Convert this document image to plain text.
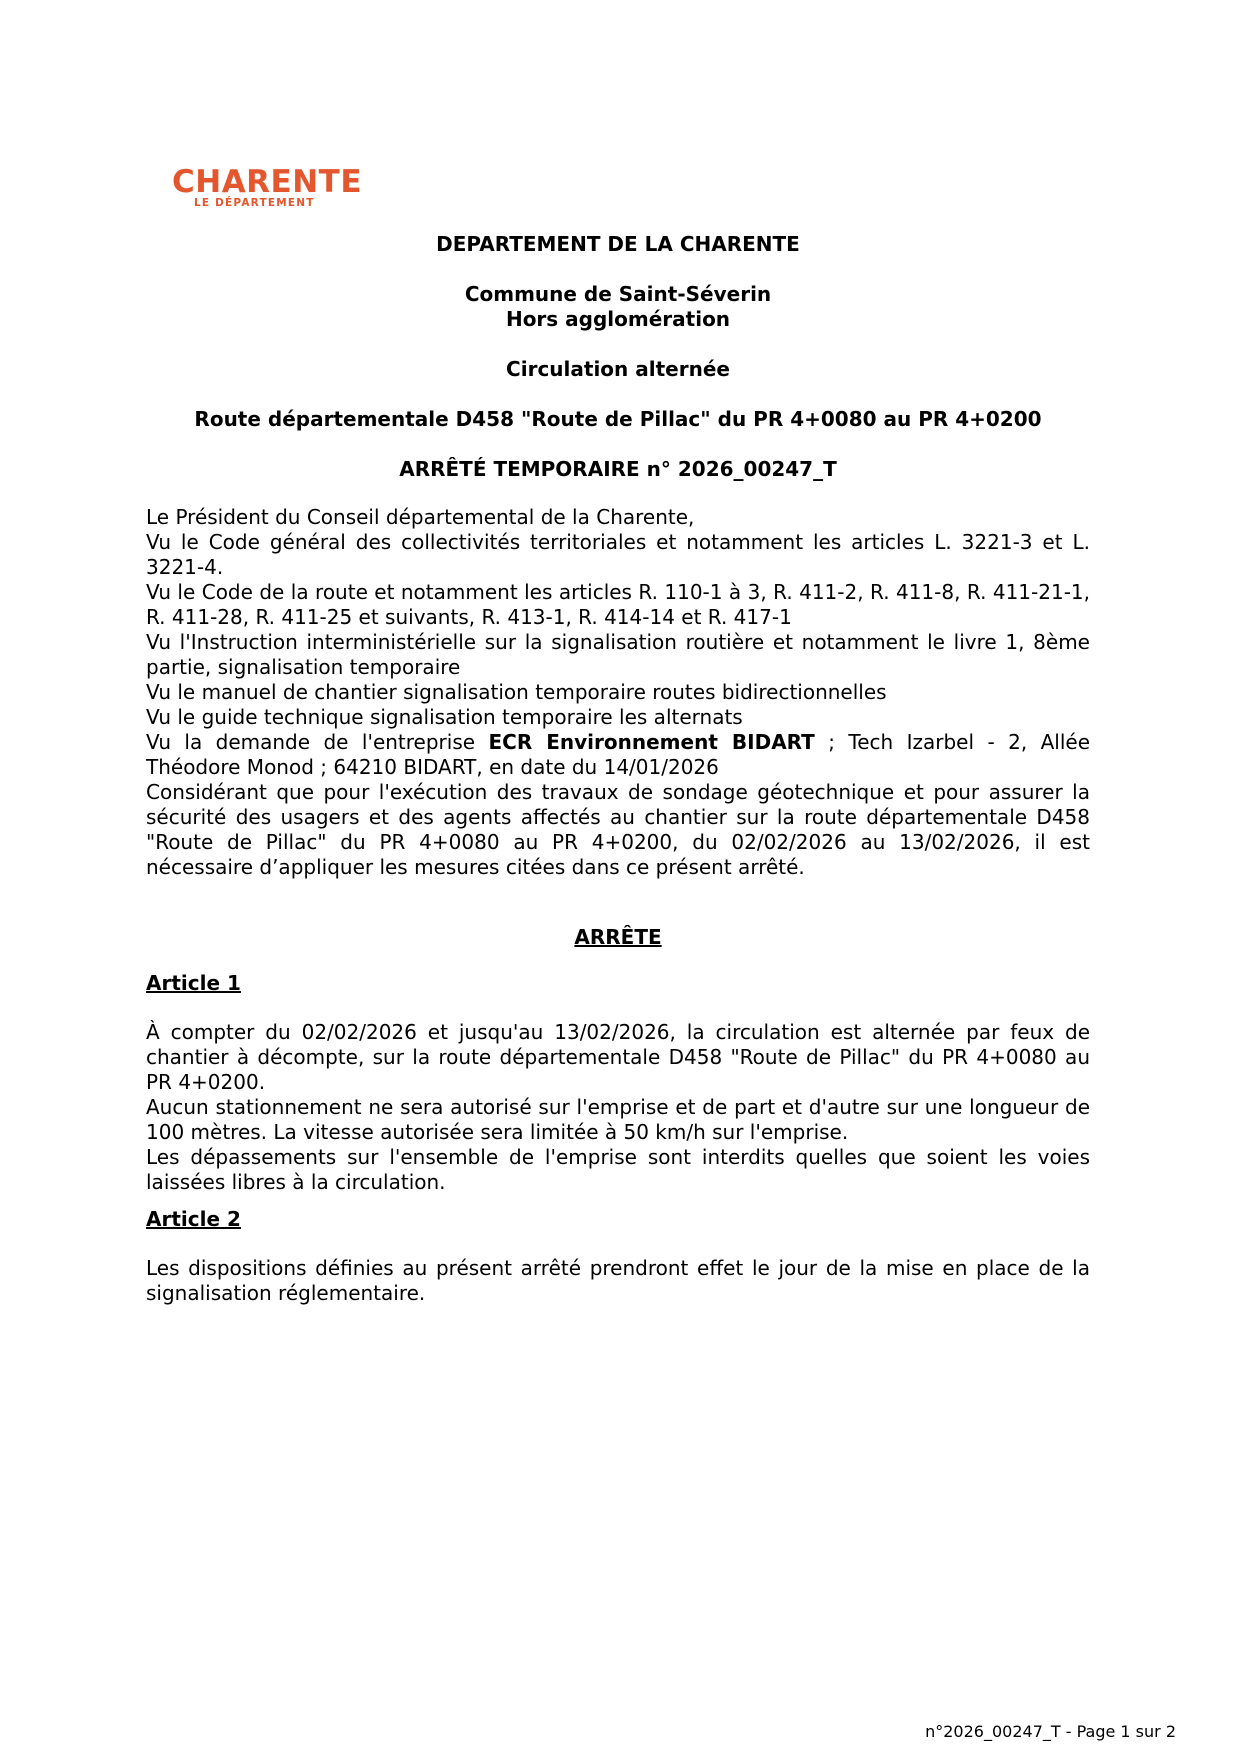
CHARENTE
LE DÉPARTEMENT
DEPARTEMENT DE LA CHARENTE
Commune de Saint-Séverin
Hors agglomération
Circulation alternée
Route départementale D458 "Route de Pillac" du PR 4+0080 au PR 4+0200
ARRÊTÉ TEMPORAIRE n° 2026_00247_T

Le Président du Conseil départemental de la Charente,

Vu le Code général des collectivités territoriales et notamment les articles L. 3221-3 et L. 3221-4.

Vu le Code de la route et notamment les articles R. 110-1 à 3, R. 411-2, R. 411-8, R. 411-21-1, R. 411-28, R. 411-25 et suivants, R. 413-1, R. 414-14 et R. 417-1

Vu l'Instruction interministérielle sur la signalisation routière et notamment le livre 1, 8ème partie, signalisation temporaire

Vu le manuel de chantier signalisation temporaire routes bidirectionnelles

Vu le guide technique signalisation temporaire les alternats

Vu la demande de l'entreprise ECR Environnement BIDART ; Tech Izarbel - 2, Allée Théodore Monod ; 64210 BIDART, en date du 14/01/2026

Considérant que pour l'exécution des travaux de sondage géotechnique et pour assurer la sécurité des usagers et des agents affectés au chantier sur la route départementale D458 "Route de Pillac" du PR 4+0080 au PR 4+0200, du 02/02/2026 au 13/02/2026, il est nécessaire d’appliquer les mesures citées dans ce présent arrêté.

ARRÊTE
Article 1

À compter du 02/02/2026 et jusqu'au 13/02/2026, la circulation est alternée par feux de chantier à décompte, sur la route départementale D458 "Route de Pillac" du PR 4+0080 au PR 4+0200.

Aucun stationnement ne sera autorisé sur l'emprise et de part et d'autre sur une longueur de 100 mètres. La vitesse autorisée sera limitée à 50 km/h sur l'emprise.

Les dépassements sur l'ensemble de l'emprise sont interdits quelles que soient les voies laissées libres à la circulation.

Article 2

Les dispositions définies au présent arrêté prendront effet le jour de la mise en place de la signalisation réglementaire.

n°2026_00247_T - Page 1 sur 2
